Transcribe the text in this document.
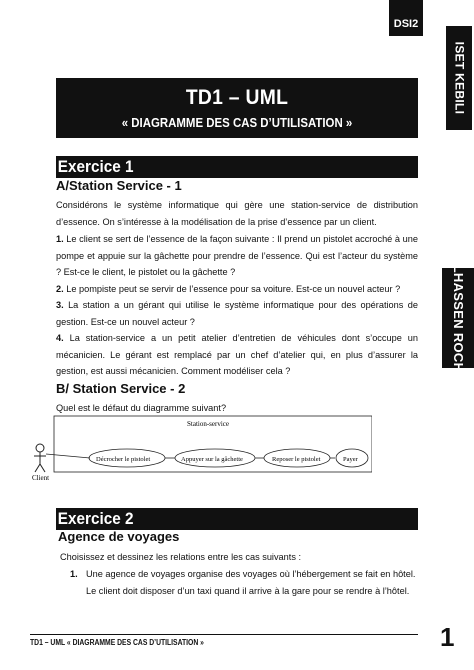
DSI2
ISET KEBILI
BELHASSEN ROCHDY
TD1 – UML
« DIAGRAMME DES CAS D’UTILISATION »
Exercice 1
A/Station Service - 1
Considérons le système informatique qui gère une station-service de distribution d’essence. On s’intéresse à la modélisation de la prise d’essence par un client.
1. Le client se sert de l’essence de la façon suivante : Il prend un pistolet accroché à une pompe et appuie sur la gâchette pour prendre de l’essence. Qui est l’acteur du système ? Est-ce le client, le pistolet ou la gâchette ?
2. Le pompiste peut se servir de l’essence pour sa voiture. Est-ce un nouvel acteur ?
3. La station a un gérant qui utilise le système informatique pour des opérations de gestion. Est-ce un nouvel acteur ?
4. La station-service a un petit atelier d’entretien de véhicules dont s’occupe un mécanicien. Le gérant est remplacé par un chef d’atelier qui, en plus d’assurer la gestion, est aussi mécanicien. Comment modéliser cela ?
B/ Station Service - 2
Quel est le défaut du diagramme suivant?
Client
Station-service
Décrocher le pistolet	Appuyer sur la gâchette	Reposer le pistolet	Payer
Exercice 2
Agence de voyages
Choisissez et dessinez les relations entre les cas suivants :
1. Une agence de voyages organise des voyages où l’hébergement se fait en hôtel. Le client doit disposer d’un taxi quand il arrive à la gare pour se rendre à l’hôtel.
TD1 – UML « DIAGRAMME DES CAS D’UTILISATION »	1
